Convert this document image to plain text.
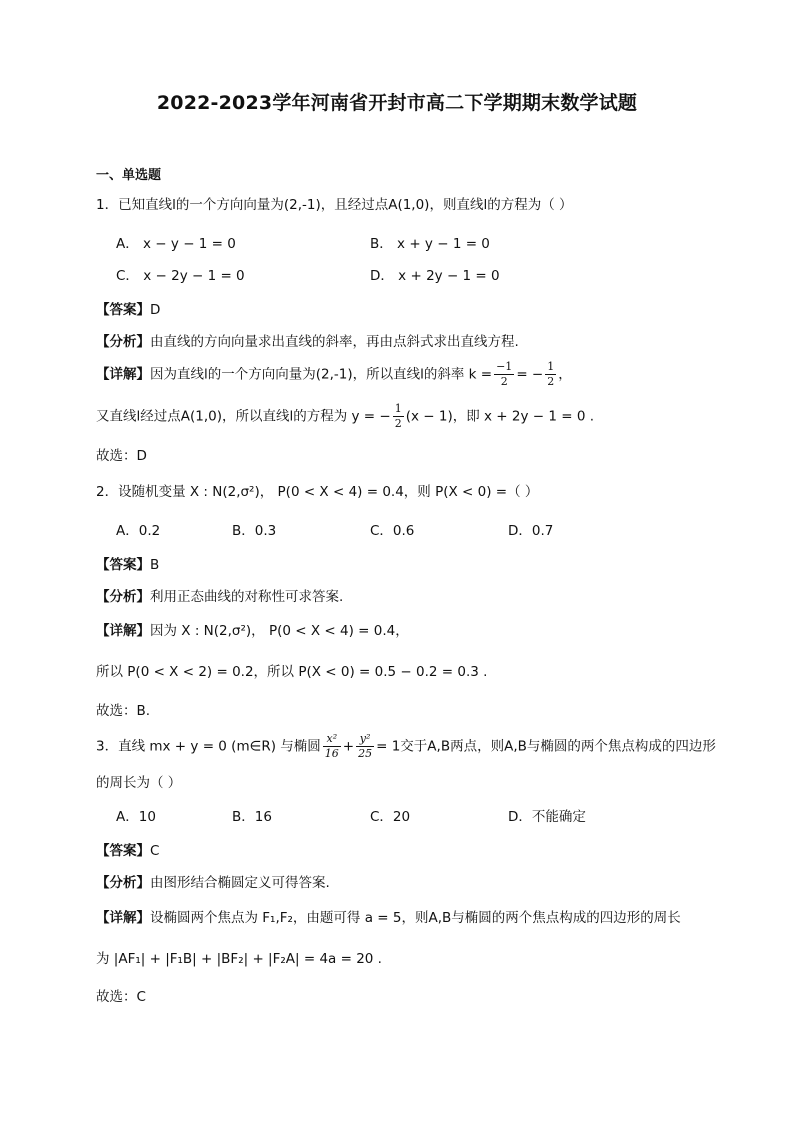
2022-2023学年河南省开封市高二下学期期末数学试题
一、单选题
1．已知直线l的一个方向向量为(2,-1)，且经过点A(1,0)，则直线l的方程为（ ）
A． x − y − 1 = 0	B． x + y − 1 = 0
C． x − 2y − 1 = 0	D． x + 2y − 1 = 0
【答案】D
【分析】由直线的方向向量求出直线的斜率，再由点斜式求出直线方程.
【详解】因为直线l的一个方向向量为(2,-1)，所以直线l的斜率 $k = \frac{-1}{2}$ = − $\frac{1}{2}$ ，
又直线l经过点A(1,0)，所以直线l的方程为 y = − $\frac{1}{2} (x - 1)$，即 x + 2y − 1 = 0 .
故选：D
2．设随机变量 X : N(2,σ²)， P(0 < X < 4) = 0.4，则 P(X < 0) =（ ）
A．0.2	B．0.3	C．0.6	D．0.7
【答案】B
【分析】利用正态曲线的对称性可求答案.
【详解】因为 X : N(2,σ²)， P(0 < X < 4) = 0.4，
所以 P(0 < X < 2) = 0.2，所以 P(X < 0) = 0.5 − 0.2 = 0.3 .
故选：B.
3．直线 mx + y = 0 (m∈R) 与椭圆 $\frac{\text{x²}}{16} + \frac{\text{y²}}{25} = 1$交于A,B两点，则A,B与椭圆的两个焦点构成的四边形
的周长为（ ）
A．10	B．16	C．20	D．不能确定
【答案】C
【分析】由图形结合椭圆定义可得答案.
【详解】设椭圆两个焦点为 F₁,F₂，由题可得 a = 5，则A,B与椭圆的两个焦点构成的四边形的周长
为 |AF₁| + |F₁B| + |BF₂| + |F₂A| = 4a = 20 .
故选：C
